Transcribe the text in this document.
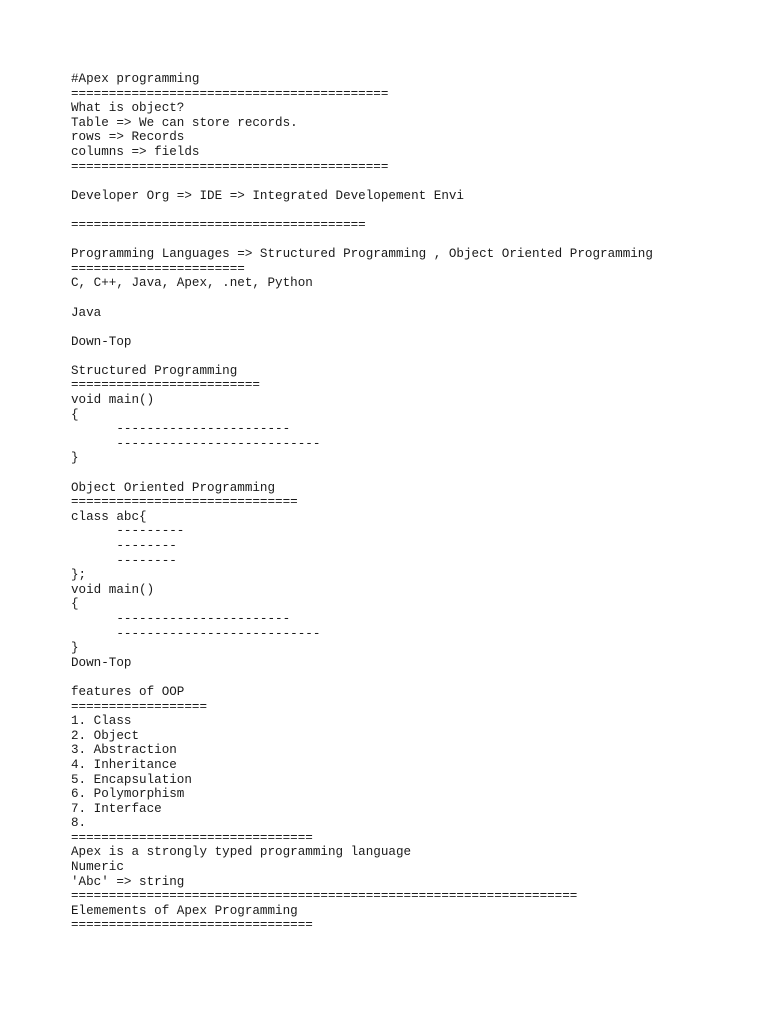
#Apex programming
==========================================
What is object?
Table => We can store records.
rows => Records
columns => fields
==========================================
Developer Org => IDE => Integrated Developement Envi
=======================================
Programming Languages => Structured Programming , Object Oriented Programming
=======================
C, C++, Java, Apex, .net, Python
Java
Down-Top
Structured Programming
=========================
void main()
{
-----------------------
---------------------------
}
Object Oriented Programming
==============================
class abc{
---------
--------
--------
};
void main()
{
-----------------------
---------------------------
}
Down-Top
features of OOP
==================
1. Class
2. Object
3. Abstraction
4. Inheritance
5. Encapsulation
6. Polymorphism
7. Interface
8.
================================
Apex is a strongly typed programming language
Numeric
'Abc' => string
===================================================================
Elemements of Apex Programming
================================
